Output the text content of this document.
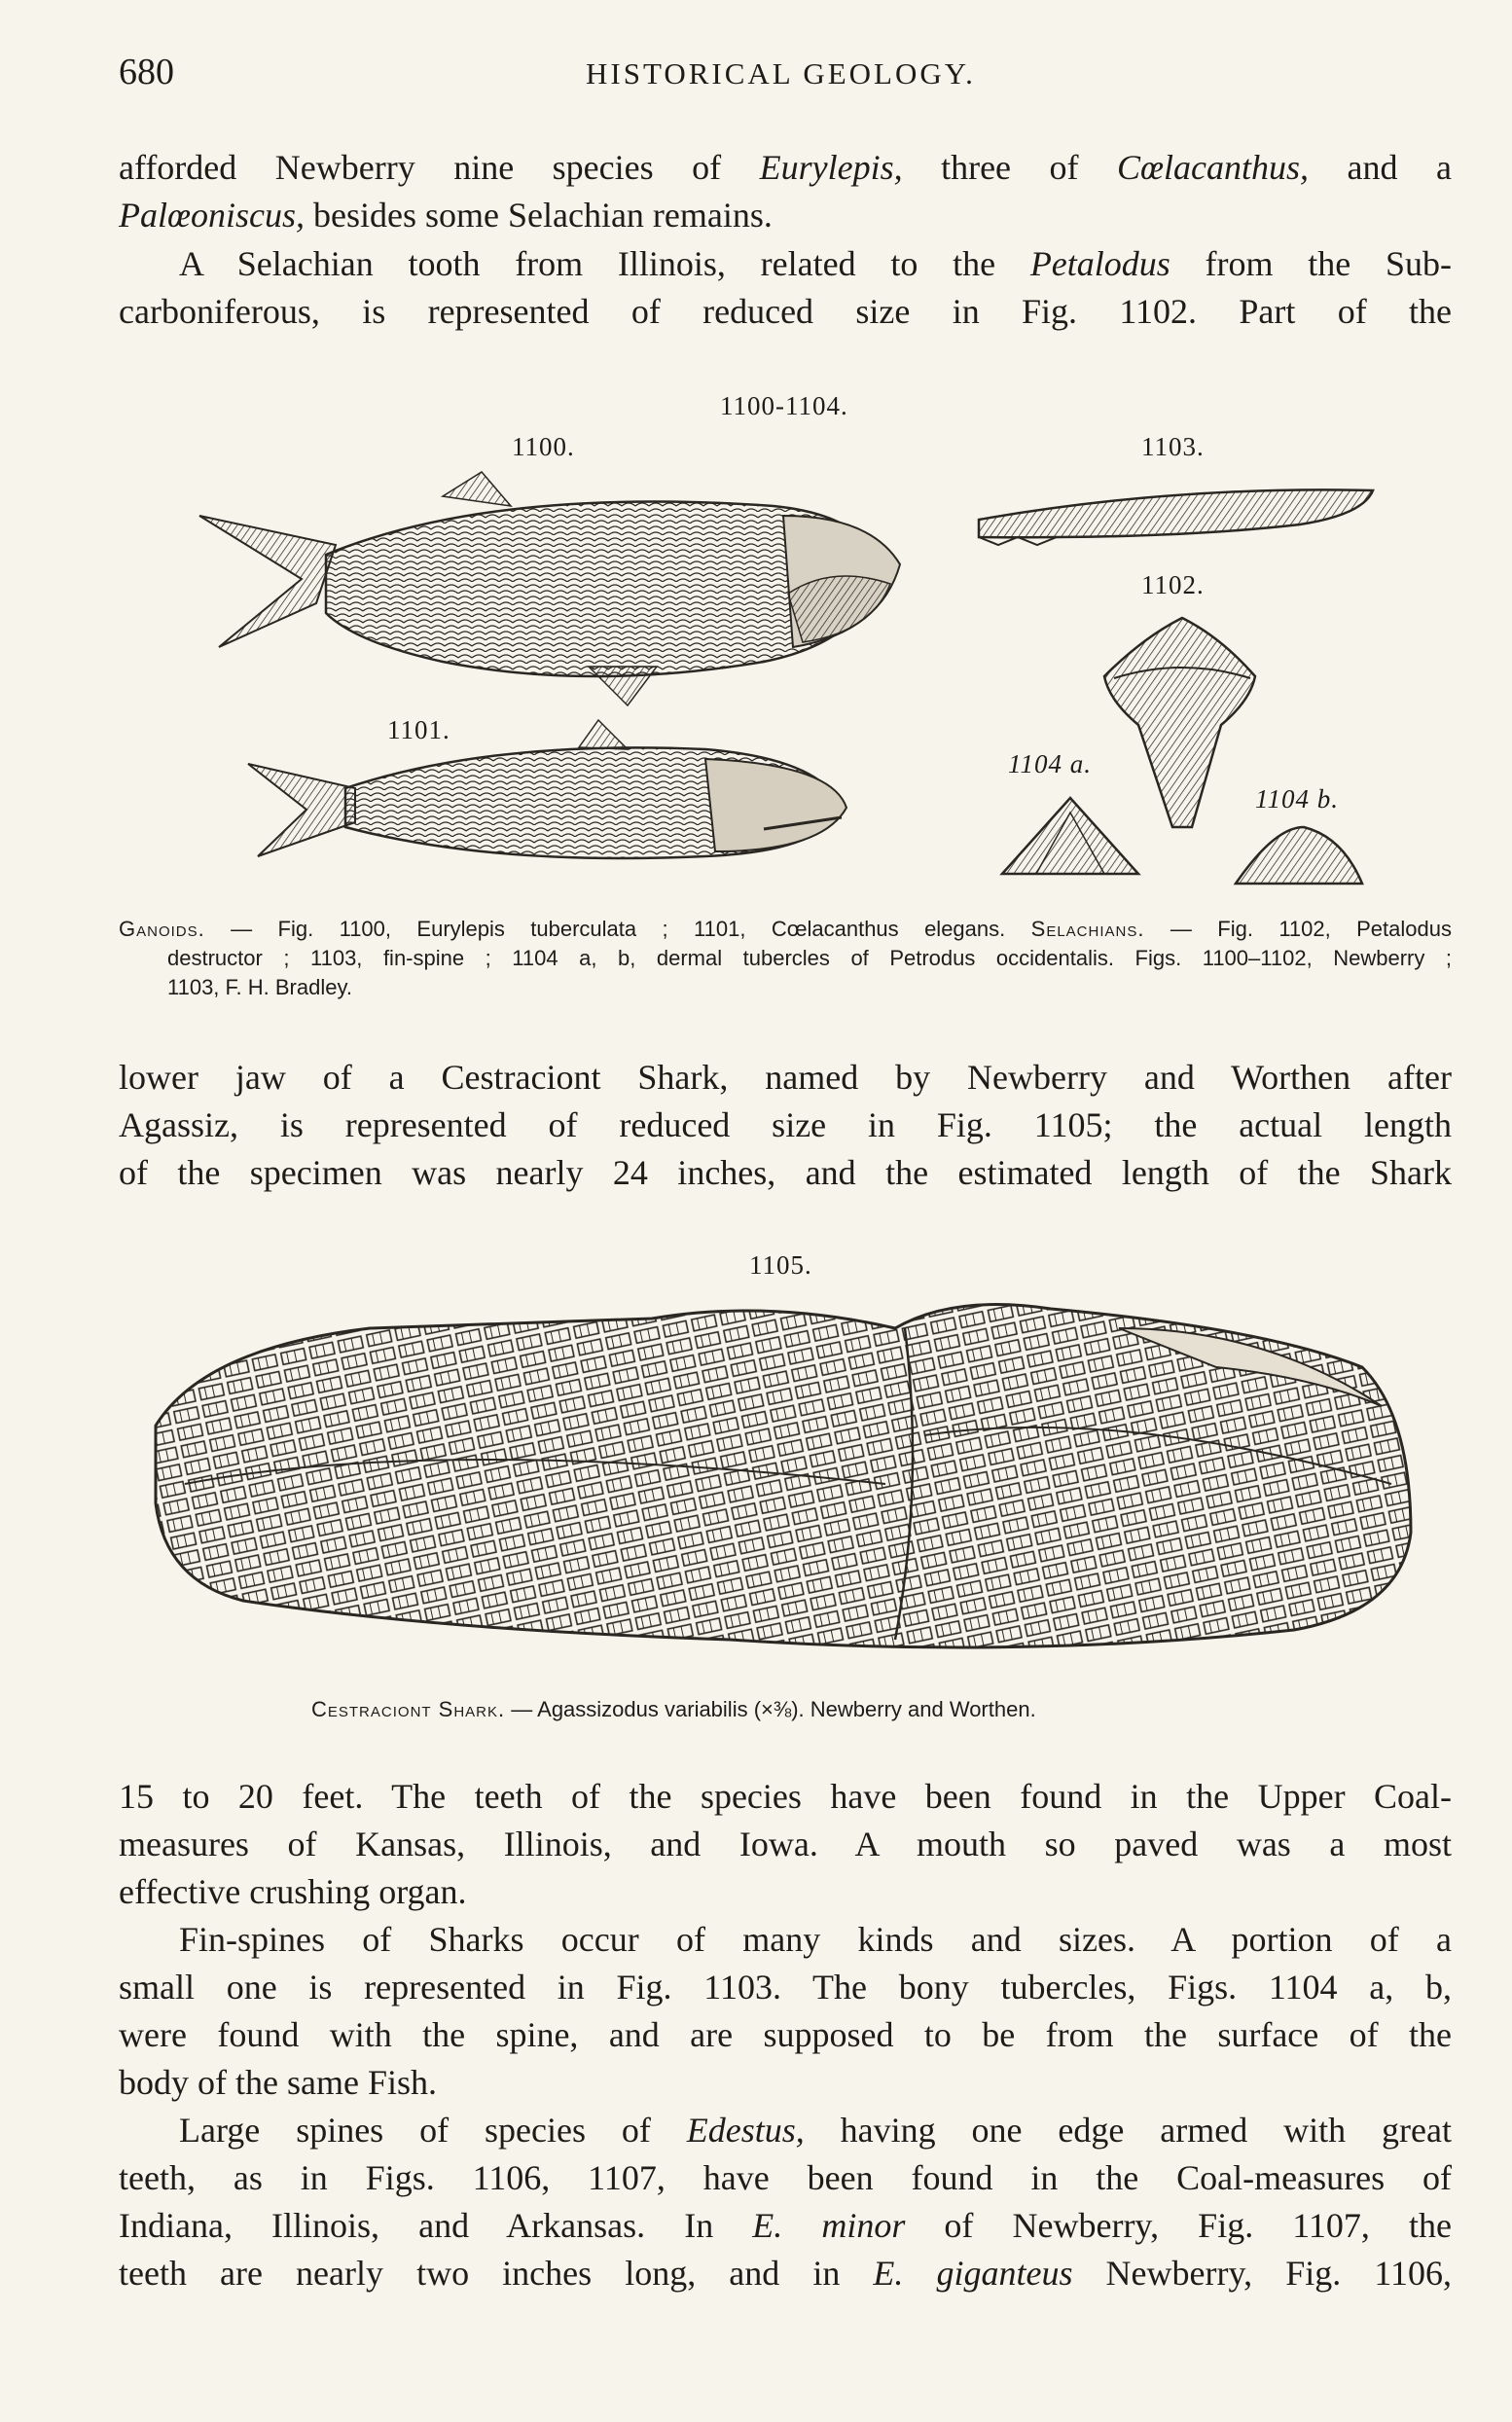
680	HISTORICAL GEOLOGY.

afforded Newberry nine species of Eurylepis, three of Cœlacanthus, and a
Palœoniscus, besides some Selachian remains.

A Selachian tooth from Illinois, related to the Petalodus from the Sub-
carboniferous, is represented of reduced size in Fig. 1102. Part of the

1100-1104.
1100.	1103.
1102.
1101.
1104 a.
1104 b.

Ganoids. — Fig. 1100, Eurylepis tuberculata ; 1101, Cœlacanthus elegans. Selachians. — Fig. 1102, Petalodus
destructor ; 1103, fin-spine ; 1104 a, b, dermal tubercles of Petrodus occidentalis. Figs. 1100–1102, Newberry ;
1103, F. H. Bradley.

lower jaw of a Cestraciont Shark, named by Newberry and Worthen after
Agassiz, is represented of reduced size in Fig. 1105; the actual length
of the specimen was nearly 24 inches, and the estimated length of the Shark

1105.

Cestraciont Shark. — Agassizodus variabilis (×⅜). Newberry and Worthen.

15 to 20 feet. The teeth of the species have been found in the Upper Coal-
measures of Kansas, Illinois, and Iowa. A mouth so paved was a most
effective crushing organ.

Fin-spines of Sharks occur of many kinds and sizes. A portion of a
small one is represented in Fig. 1103. The bony tubercles, Figs. 1104 a, b,
were found with the spine, and are supposed to be from the surface of the
body of the same Fish.

Large spines of species of Edestus, having one edge armed with great
teeth, as in Figs. 1106, 1107, have been found in the Coal-measures of
Indiana, Illinois, and Arkansas. In E. minor of Newberry, Fig. 1107, the
teeth are nearly two inches long, and in E. giganteus Newberry, Fig. 1106,
